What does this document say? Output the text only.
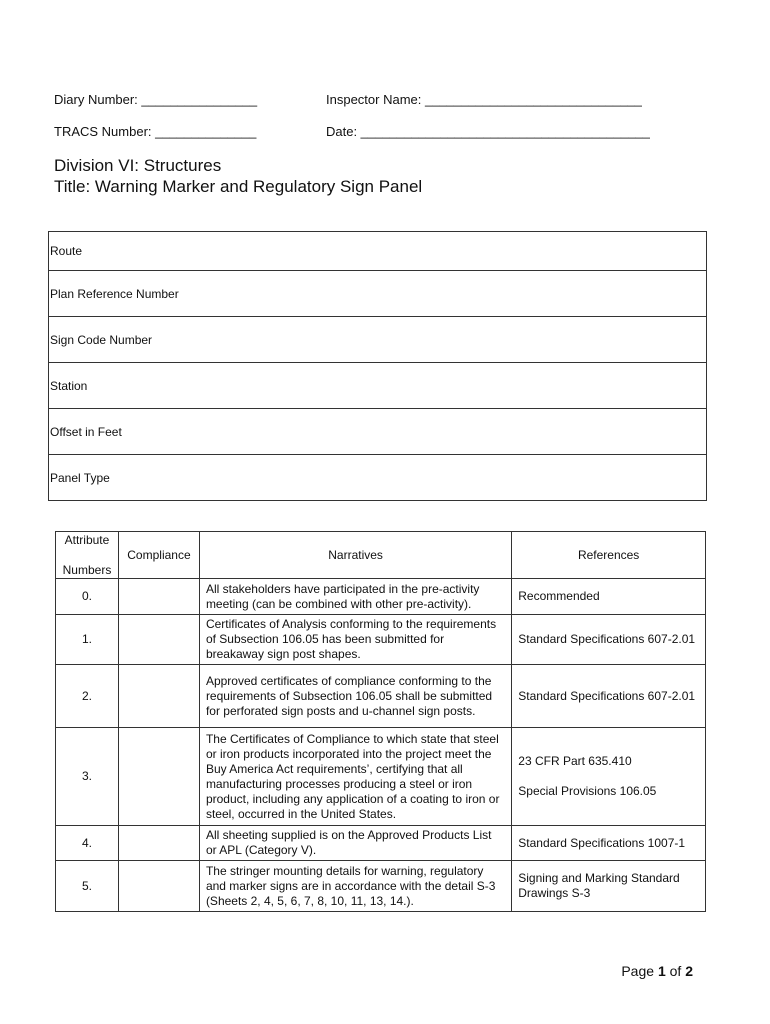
Diary Number: ________________	Inspector Name: ______________________________
TRACS Number: ______________	Date: ________________________________________
Division VI: Structures
Title: Warning Marker and Regulatory Sign Panel
Route
Plan Reference Number
Sign Code Number
Station
Offset in Feet
Panel Type
Attribute
Numbers	Compliance	Narratives	References
0.		All stakeholders have participated in the pre-activity meeting (can be combined with other pre-activity).	Recommended

1.		Certificates of Analysis conforming to the requirements of Subsection 106.05 has been submitted for breakaway sign post shapes.	Standard Specifications 607-2.01

2.		Approved certificates of compliance conforming to the requirements of Subsection 106.05 shall be submitted for perforated sign posts and u-channel sign posts.	Standard Specifications 607-2.01

3.		The Certificates of Compliance to which state that steel or iron products incorporated into the project meet the Buy America Act requirements’, certifying that all manufacturing processes producing a steel or iron product, including any application of a coating to iron or steel, occurred in the United States.	23 CFR Part 635.410

Special Provisions 106.05

4.		All sheeting supplied is on the Approved Products List or APL (Category V).	Standard Specifications 1007-1

5.		The stringer mounting details for warning, regulatory and marker signs are in accordance with the detail S-3 (Sheets 2, 4, 5, 6, 7, 8, 10, 11, 13, 14.).	Signing and Marking Standard Drawings S-3

Page 1 of 2
